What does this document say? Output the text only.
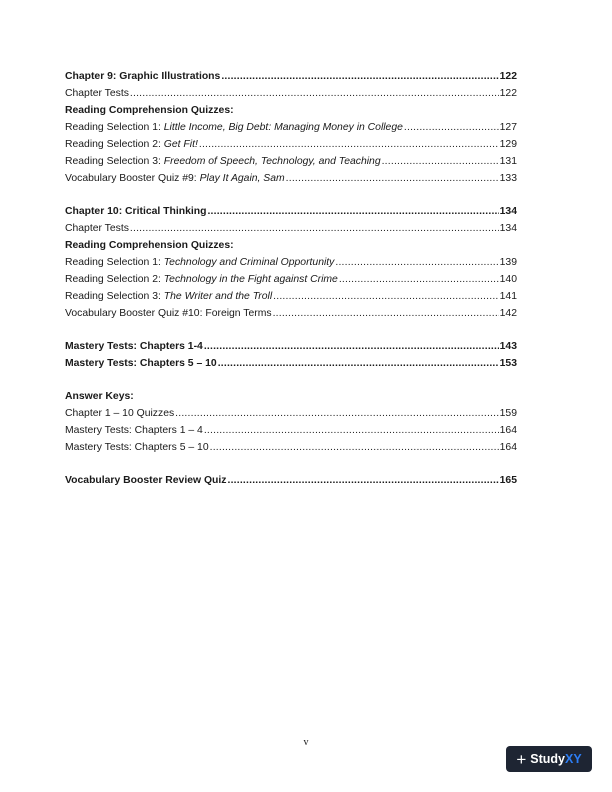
Chapter 9: Graphic Illustrations .....	122
Chapter Tests .....	122
Reading Comprehension Quizzes:
Reading Selection 1: Little Income, Big Debt: Managing Money in College .....	127
Reading Selection 2: Get Fit! .....	129
Reading Selection 3: Freedom of Speech, Technology, and Teaching .....	131
Vocabulary Booster Quiz #9: Play It Again, Sam .....	133
Chapter 10: Critical Thinking .....	134
Chapter Tests .....	134
Reading Comprehension Quizzes:
Reading Selection 1: Technology and Criminal Opportunity .....	139
Reading Selection 2: Technology in the Fight against Crime .....	140
Reading Selection 3: The Writer and the Troll .....	141
Vocabulary Booster Quiz #10: Foreign Terms .....	142
Mastery Tests: Chapters 1-4 .....	143
Mastery Tests: Chapters 5 – 10 .....	153
Answer Keys:
Chapter 1 – 10 Quizzes .....	159
Mastery Tests: Chapters 1 – 4 .....	164
Mastery Tests: Chapters 5 – 10 .....	164
Vocabulary Booster Review Quiz .....	165
v
+ Study XY
